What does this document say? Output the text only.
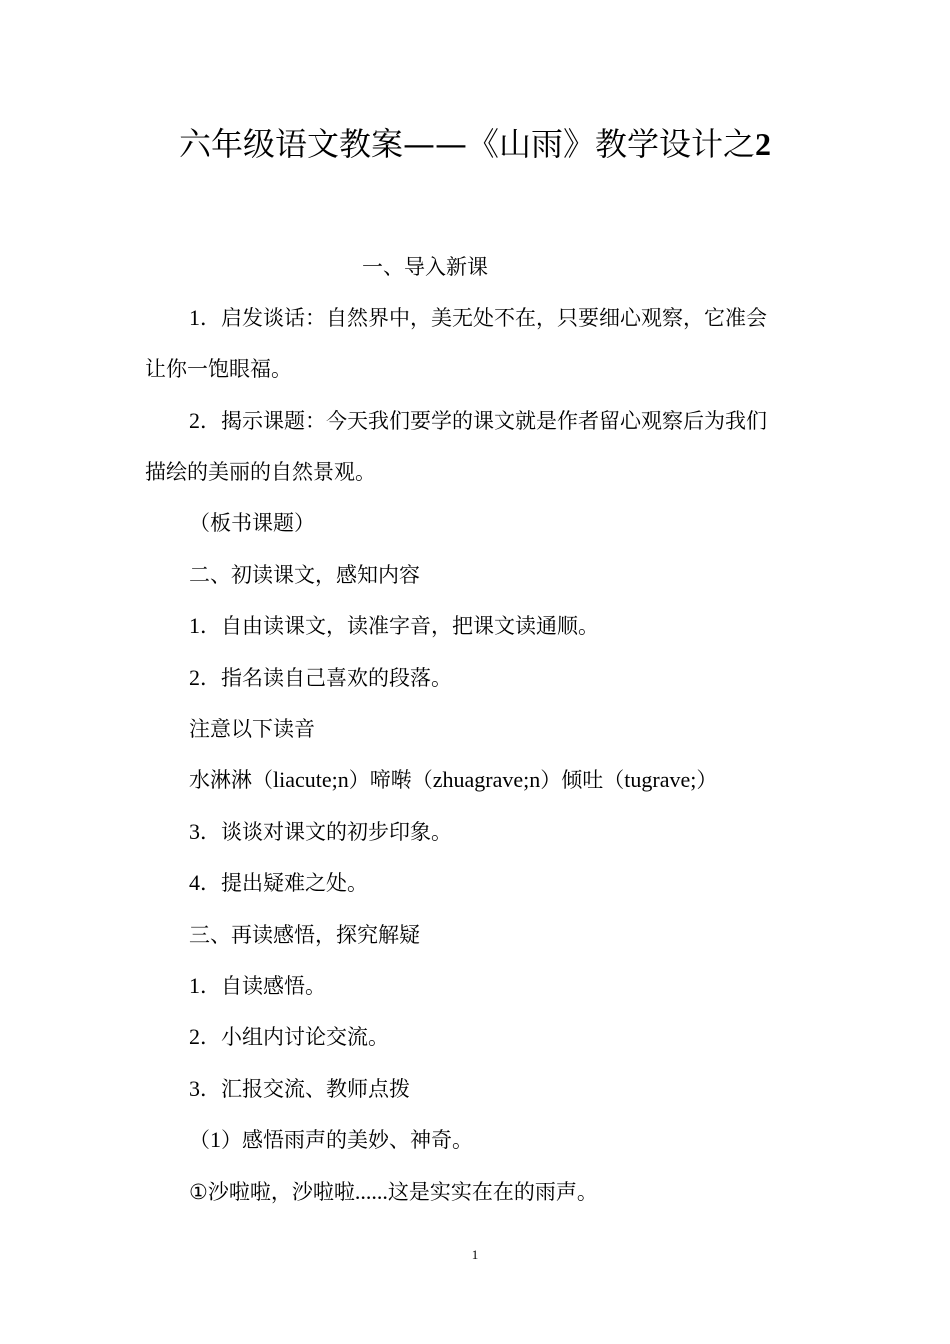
六年级语文教案——《山雨》教学设计之2
一、导入新课
1．启发谈话：自然界中，美无处不在，只要细心观察，它准会
让你一饱眼福。
2．揭示课题：今天我们要学的课文就是作者留心观察后为我们
描绘的美丽的自然景观。
（板书课题）
二、初读课文，感知内容
1．自由读课文，读准字音，把课文读通顺。
2．指名读自己喜欢的段落。
注意以下读音
水淋淋（liacute;n）啼啭（zhuagrave;n）倾吐（tugrave;）
3．谈谈对课文的初步印象。
4．提出疑难之处。
三、再读感悟，探究解疑
1．自读感悟。
2．小组内讨论交流。
3．汇报交流、教师点拨
（1）感悟雨声的美妙、神奇。
①沙啦啦，沙啦啦......这是实实在在的雨声。
1
